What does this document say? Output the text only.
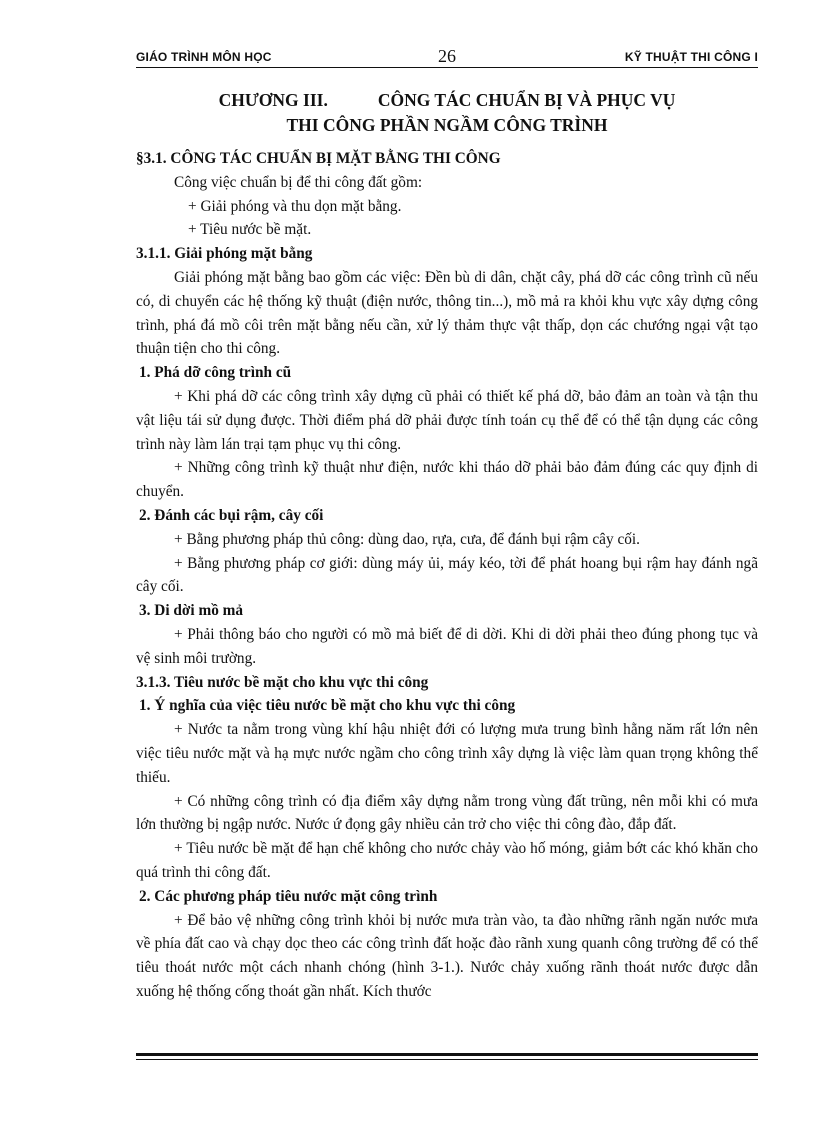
GIÁO TRÌNH MÔN HỌC	26	KỸ THUẬT THI CÔNG I

CHƯƠNG III.	CÔNG TÁC CHUẨN BỊ VÀ PHỤC VỤ

THI CÔNG PHẦN NGẦM CÔNG TRÌNH

§3.1. CÔNG TÁC CHUẨN BỊ MẶT BẰNG THI CÔNG

Công việc chuẩn bị để thi công đất gồm:

+ Giải phóng và thu dọn mặt bằng.

+ Tiêu nước bề mặt.

3.1.1. Giải phóng mặt bằng

Giải phóng mặt bằng bao gồm các việc: Đền bù di dân, chặt cây, phá dỡ các công trình cũ nếu có, di chuyển các hệ thống kỹ thuật (điện nước, thông tin...), mồ mả ra khỏi khu vực xây dựng công trình, phá đá mồ côi trên mặt bằng nếu cần, xử lý thảm thực vật thấp, dọn các chướng ngại vật tạo thuận tiện cho thi công.

1. Phá dỡ công trình cũ

+ Khi phá dỡ các công trình xây dựng cũ phải có thiết kế phá dỡ, bảo đảm an toàn và tận thu vật liệu tái sử dụng được. Thời điểm phá dỡ phải được tính toán cụ thể để có thể tận dụng các công trình này làm lán trại tạm phục vụ thi công.

+ Những công trình kỹ thuật như điện, nước khi tháo dỡ phải bảo đảm đúng các quy định di chuyển.

2. Đánh các bụi rậm, cây cối

+ Bằng phương pháp thủ công: dùng dao, rựa, cưa, để đánh bụi rậm cây cối.

+ Bằng phương pháp cơ giới: dùng máy ủi, máy kéo, tời để phát hoang bụi rậm hay đánh ngã cây cối.

3. Di dời mồ mả

+ Phải thông báo cho người có mồ mả biết để di dời. Khi di dời phải theo đúng phong tục và vệ sinh môi trường.

3.1.3. Tiêu nước bề mặt cho khu vực thi công

1. Ý nghĩa của việc tiêu nước bề mặt cho khu vực thi công

+ Nước ta nằm trong vùng khí hậu nhiệt đới có lượng mưa trung bình hằng năm rất lớn nên việc tiêu nước mặt và hạ mực nước ngầm cho công trình xây dựng là việc làm quan trọng không thể thiếu.

+ Có những công trình có địa điểm xây dựng nằm trong vùng đất trũng, nên mỗi khi có mưa lớn thường bị ngập nước. Nước ứ đọng gây nhiều cản trở cho việc thi công đào, đắp đất.

+ Tiêu nước bề mặt để hạn chế không cho nước chảy vào hố móng, giảm bớt các khó khăn cho quá trình thi công đất.

2. Các phương pháp tiêu nước mặt công trình

+ Để bảo vệ những công trình khỏi bị nước mưa tràn vào, ta đào những rãnh ngăn nước mưa về phía đất cao và chạy dọc theo các công trình đất hoặc đào rãnh xung quanh công trường để có thể tiêu thoát nước một cách nhanh chóng (hình 3-1.). Nước chảy xuống rãnh thoát nước được dẫn xuống hệ thống cống thoát gần nhất. Kích thước
